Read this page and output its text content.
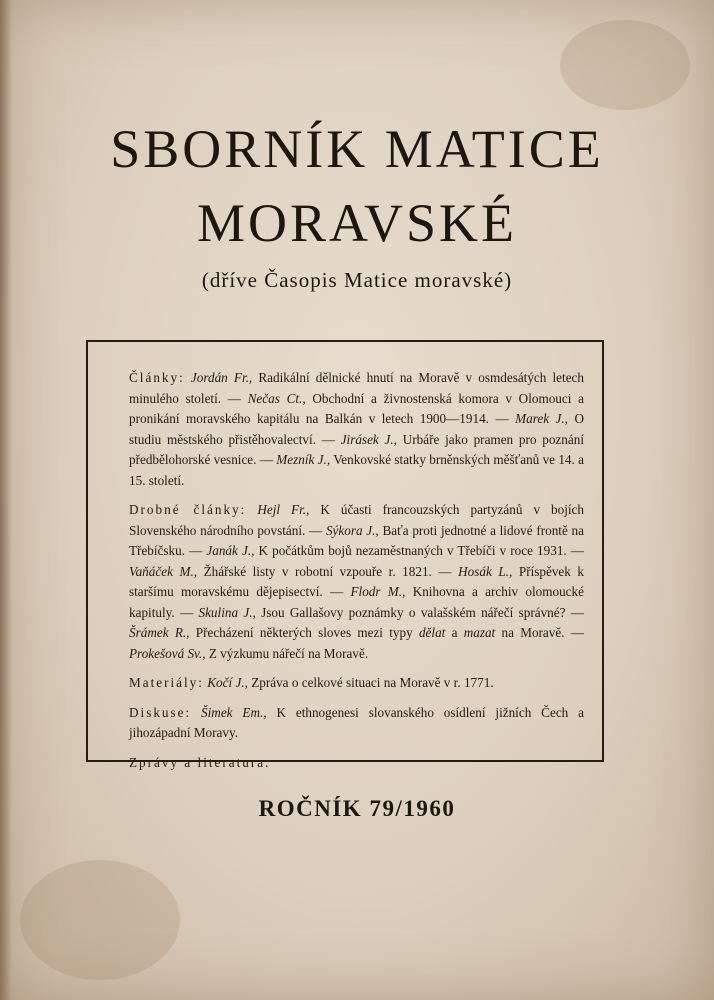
SBORNÍK MATICE
MORAVSKÉ
(dříve Časopis Matice moravské)

Články: Jordán Fr., Radikální dělnické hnutí na Moravě v osmdesátých letech minulého století. — Nečas Ct., Obchodní a živnostenská komora v Olomouci a pronikání moravského kapitálu na Balkán v letech 1900—1914. — Marek J., O studiu městského přistěhovalectví. — Jirásek J., Urbáře jako pramen pro poznání předbělohorské vesnice. — Mezník J., Venkovské statky brněnských měšťanů ve 14. a 15. století.

Drobné články: Hejl Fr., K účasti francouzských partyzánů v bojích Slovenského národního povstání. — Sýkora J., Baťa proti jednotné a lidové frontě na Třebíčsku. — Janák J., K počátkům bojů nezaměstnaných v Třebíči v roce 1931. — Vaňáček M., Žhářské listy v robotní vzpouře r. 1821. — Hosák L., Příspěvek k staršímu moravskému dějepisectví. — Flodr M., Knihovna a archiv olomoucké kapituly. — Skulina J., Jsou Gallašovy poznámky o valašském nářečí správné? — Šrámek R., Přecházení některých sloves mezi typy dělat a mazat na Moravě. — Prokešová Sv., Z výzkumu nářečí na Moravě.

Materiály: Kočí J., Zpráva o celkové situaci na Moravě v r. 1771.

Diskuse: Šimek Em., K ethnogenesi slovanského osídlení jižních Čech a jihozápadní Moravy.

Zprávy a literatura.

ROČNÍK 79/1960
